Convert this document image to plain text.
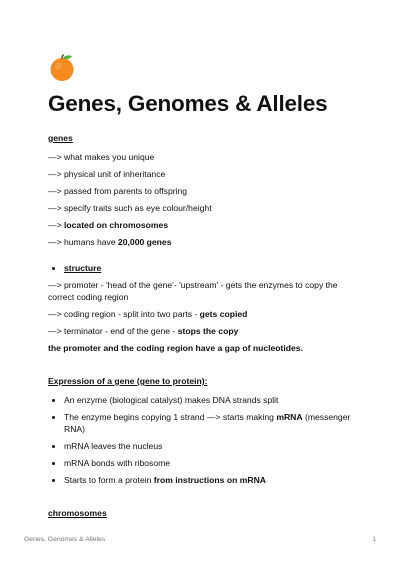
Genes, Genomes & Alleles
genes
—> what makes you unique
—> physical unit of inheritance
—> passed from parents to offspring
—> specify traits such as eye colour/height
—> located on chromosomes
—> humans have 20,000 genes
• structure
—> promoter - 'head of the gene'- 'upstream' - gets the enzymes to copy the correct coding region
—> coding region - split into two parts - gets copied
—> terminator - end of the gene - stops the copy
the promoter and the coding region have a gap of nucleotides.
Expression of a gene (gene to protein):
• An enzyme (biological catalyst) makes DNA strands split
• The enzyme begins copying 1 strand —> starts making mRNA (messenger RNA)
• mRNA leaves the nucleus
• mRNA bonds with ribosome
• Starts to form a protein from instructions on mRNA
chromosomes
Genes, Genomes & Alleles	1
